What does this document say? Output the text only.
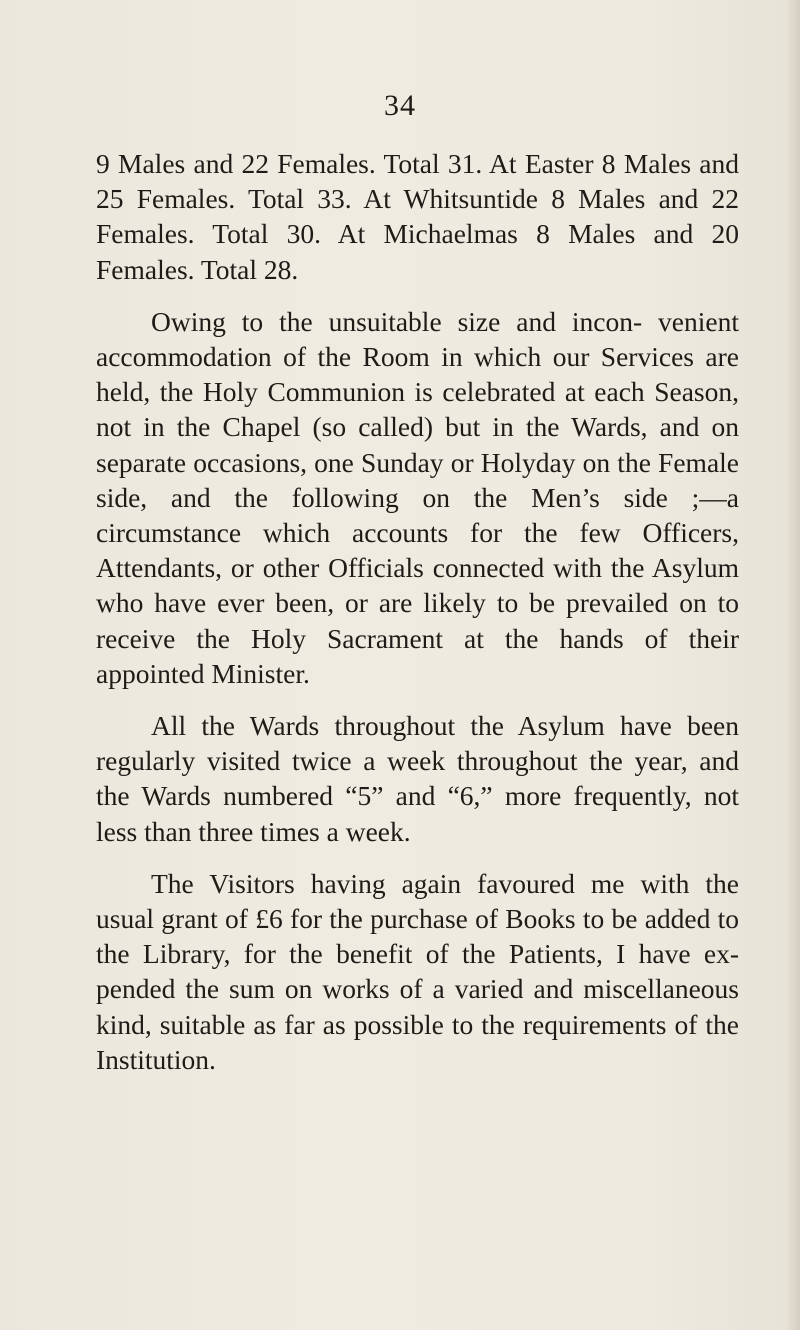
34

9 Males and 22 Females. Total 31. At Easter 8 Males and 25 Females. Total 33. At Whitsuntide 8 Males and 22 Females. Total 30. At Michaelmas 8 Males and 20 Females. Total 28.

Owing to the unsuitable size and incon- venient accommodation of the Room in which our Services are held, the Holy Communion is celebrated at each Season, not in the Chapel (so called) but in the Wards, and on separate occasions, one Sunday or Holyday on the Female side, and the following on the Men’s side ;—a circumstance which accounts for the few Officers, Attendants, or other Officials connected with the Asylum who have ever been, or are likely to be prevailed on to receive the Holy Sacrament at the hands of their appointed Minister.

All the Wards throughout the Asylum have been regularly visited twice a week throughout the year, and the Wards numbered “5” and “6,” more frequently, not less than three times a week.

The Visitors having again favoured me with the usual grant of £6 for the purchase of Books to be added to the Library, for the benefit of the Patients, I have ex- pended the sum on works of a varied and miscellaneous kind, suitable as far as possible to the requirements of the Institution.
